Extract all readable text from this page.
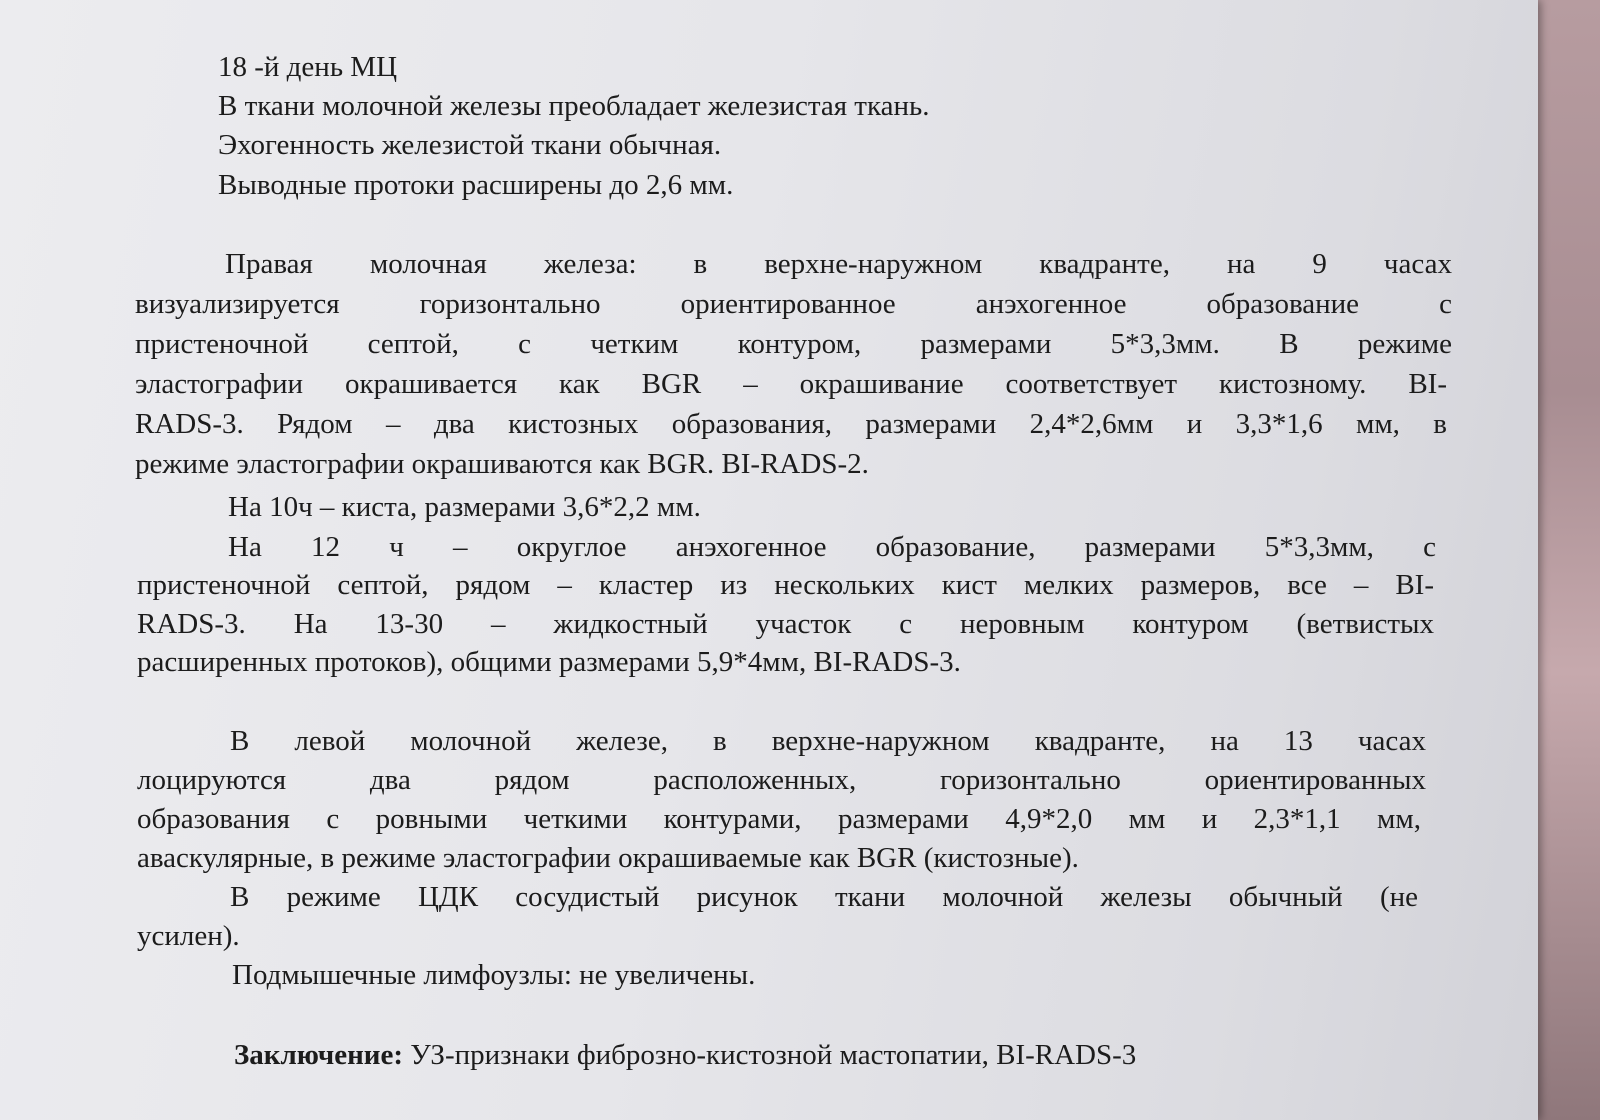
18 -й день МЦ
В ткани молочной железы преобладает железистая ткань.
Эхогенность железистой ткани обычная.
Выводные протоки расширены до 2,6 мм.
Правая молочная железа: в верхне-наружном квадранте, на 9 часах
визуализируется горизонтально ориентированное анэхогенное образование с
пристеночной септой, с четким контуром, размерами 5*3,3мм. В режиме
эластографии окрашивается как BGR – окрашивание соответствует кистозному. BI-
RADS-3. Рядом – два кистозных образования, размерами 2,4*2,6мм и 3,3*1,6 мм, в
режиме эластографии окрашиваются как BGR. BI-RADS-2.
На 10ч – киста, размерами 3,6*2,2 мм.
На 12 ч – округлое анэхогенное образование, размерами 5*3,3мм, с
пристеночной септой, рядом – кластер из нескольких кист мелких размеров, все – BI-
RADS-3. На 13-30 – жидкостный участок с неровным контуром (ветвистых
расширенных протоков), общими размерами 5,9*4мм, BI-RADS-3.
В левой молочной железе, в верхне-наружном квадранте, на 13 часах
лоцируются два рядом расположенных, горизонтально ориентированных
образования с ровными четкими контурами, размерами 4,9*2,0 мм и 2,3*1,1 мм,
аваскулярные, в режиме эластографии окрашиваемые как BGR (кистозные).
В режиме ЦДК сосудистый рисунок ткани молочной железы обычный (не
усилен).
Подмышечные лимфоузлы: не увеличены.
Заключение: УЗ-признаки фиброзно-кистозной мастопатии, BI-RADS-3
